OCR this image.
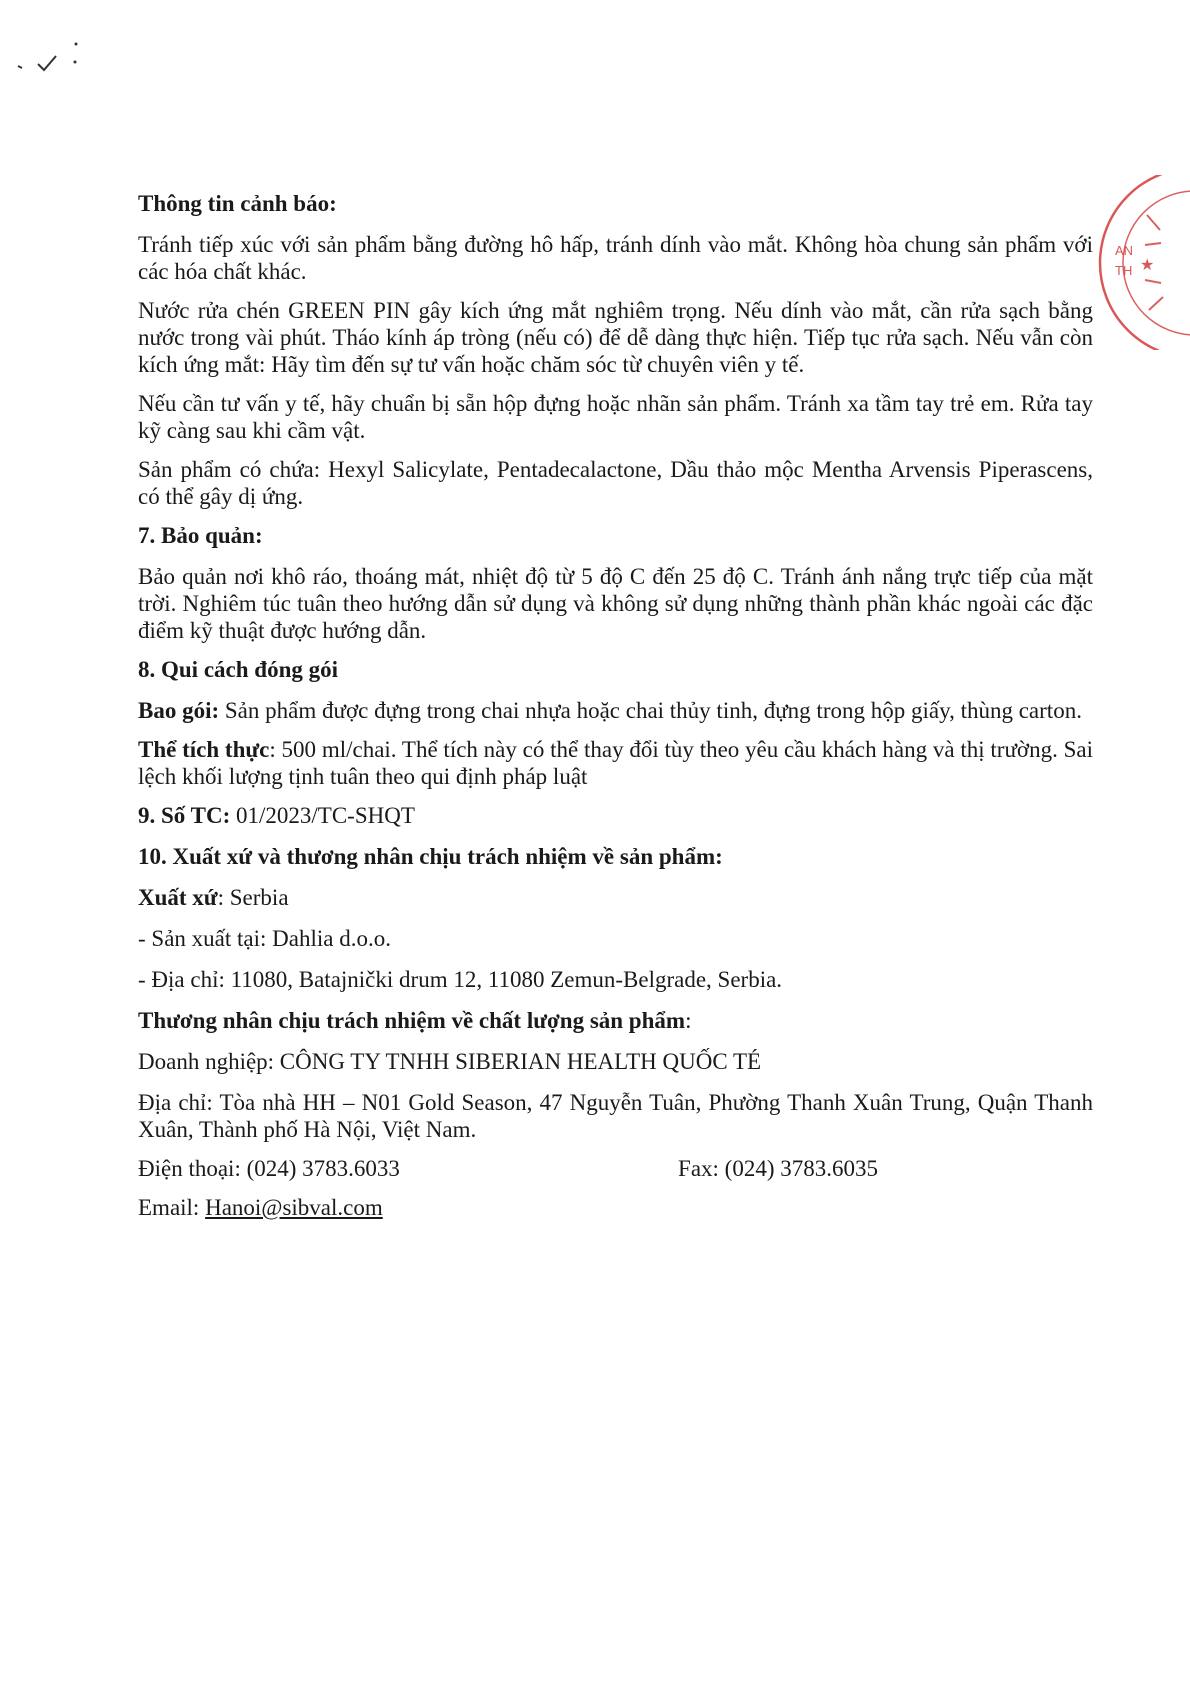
AN
TH ★
Thông tin cảnh báo:

Tránh tiếp xúc với sản phẩm bằng đường hô hấp, tránh dính vào mắt. Không hòa chung sản phẩm với các hóa chất khác.

Nước rửa chén GREEN PIN gây kích ứng mắt nghiêm trọng. Nếu dính vào mắt, cần rửa sạch bằng nước trong vài phút. Tháo kính áp tròng (nếu có) để dễ dàng thực hiện. Tiếp tục rửa sạch. Nếu vẫn còn kích ứng mắt: Hãy tìm đến sự tư vấn hoặc chăm sóc từ chuyên viên y tế.

Nếu cần tư vấn y tế, hãy chuẩn bị sẵn hộp đựng hoặc nhãn sản phẩm. Tránh xa tầm tay trẻ em. Rửa tay kỹ càng sau khi cầm vật.

Sản phẩm có chứa: Hexyl Salicylate, Pentadecalactone, Dầu thảo mộc Mentha Arvensis Piperascens, có thể gây dị ứng.

7. Bảo quản:

Bảo quản nơi khô ráo, thoáng mát, nhiệt độ từ 5 độ C đến 25 độ C. Tránh ánh nắng trực tiếp của mặt trời. Nghiêm túc tuân theo hướng dẫn sử dụng và không sử dụng những thành phần khác ngoài các đặc điểm kỹ thuật được hướng dẫn.

8. Qui cách đóng gói

Bao gói: Sản phẩm được đựng trong chai nhựa hoặc chai thủy tinh, đựng trong hộp giấy, thùng carton.

Thể tích thực: 500 ml/chai. Thể tích này có thể thay đổi tùy theo yêu cầu khách hàng và thị trường. Sai lệch khối lượng tịnh tuân theo qui định pháp luật

9. Số TC: 01/2023/TC-SHQT
10. Xuất xứ và thương nhân chịu trách nhiệm về sản phẩm:
Xuất xứ: Serbia
- Sản xuất tại: Dahlia d.o.o.
- Địa chỉ: 11080, Batajnički drum 12, 11080 Zemun-Belgrade, Serbia.
Thương nhân chịu trách nhiệm về chất lượng sản phẩm:
Doanh nghiệp: CÔNG TY TNHH SIBERIAN HEALTH QUỐC TÉ

Địa chỉ: Tòa nhà HH – N01 Gold Season, 47 Nguyễn Tuân, Phường Thanh Xuân Trung, Quận Thanh Xuân, Thành phố Hà Nội, Việt Nam.

Điện thoại: (024) 3783.6033	Fax: (024) 3783.6035
Email: Hanoi@sibval.com
